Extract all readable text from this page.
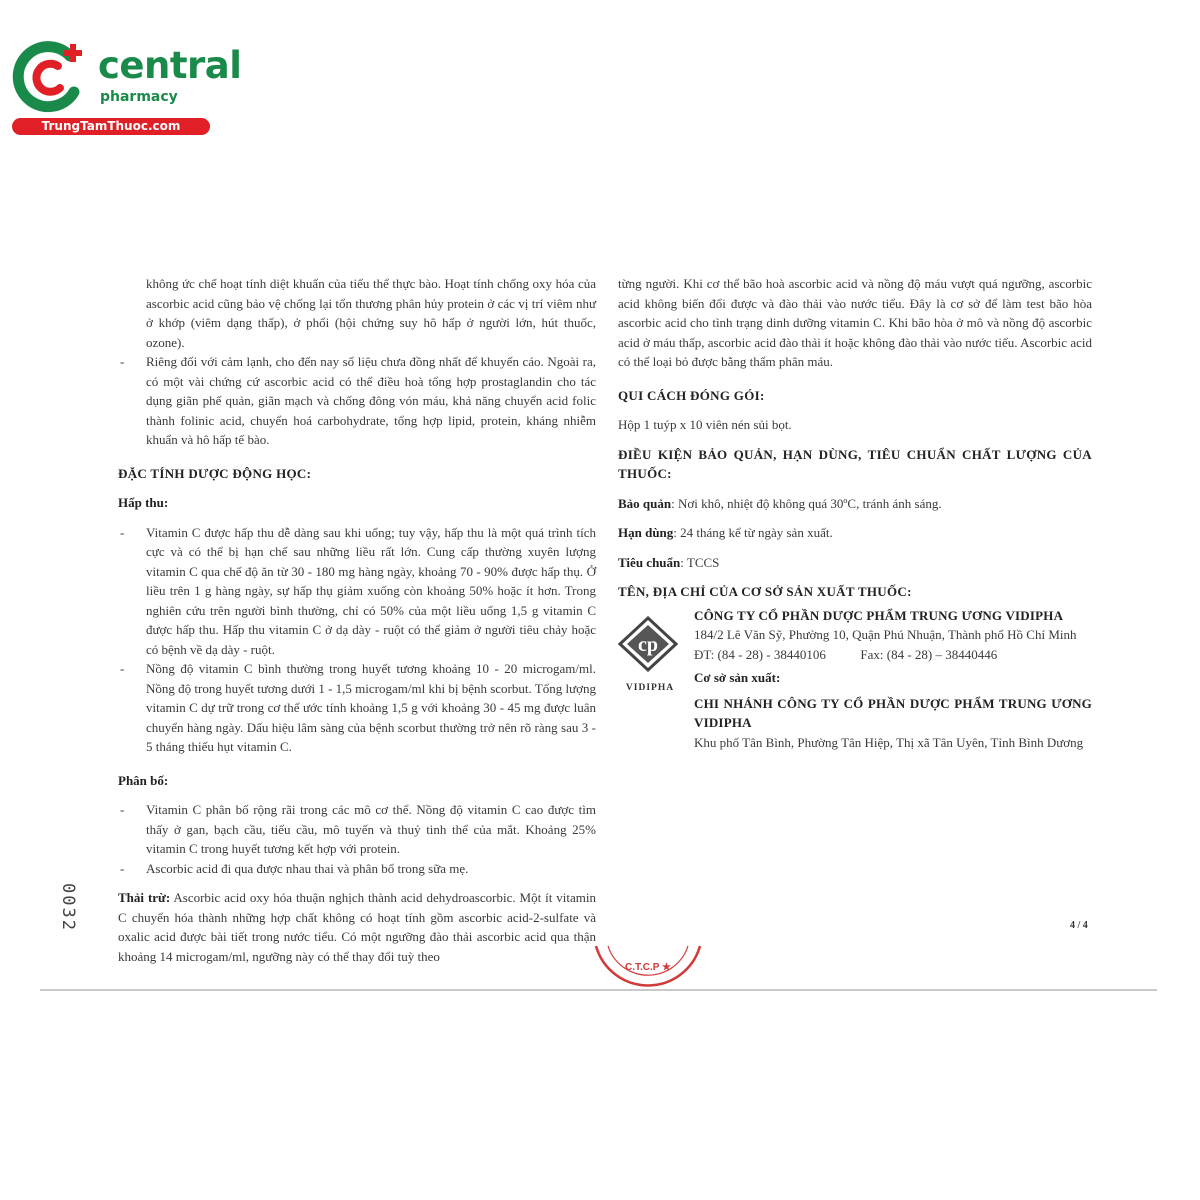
central
pharmacy
TrungTamThuoc.com

không ức chế hoạt tính diệt khuẩn của tiểu thể thực bào. Hoạt tính chống oxy hóa của ascorbic acid cũng bảo vệ chống lại tổn thương phân hủy protein ở các vị trí viêm như ở khớp (viêm dạng thấp), ở phổi (hội chứng suy hô hấp ở người lớn, hút thuốc, ozone).

- Riêng đối với cảm lạnh, cho đến nay số liệu chưa đồng nhất để khuyến cáo. Ngoài ra, có một vài chứng cứ ascorbic acid có thể điều hoà tổng hợp prostaglandin cho tác dụng giãn phế quản, giãn mạch và chống đông vón máu, khả năng chuyển acid folic thành folinic acid, chuyển hoá carbohydrate, tổng hợp lipid, protein, kháng nhiễm khuẩn và hô hấp tế bào.

ĐẶC TÍNH DƯỢC ĐỘNG HỌC:

Hấp thu:

- Vitamin C được hấp thu dễ dàng sau khi uống; tuy vậy, hấp thu là một quá trình tích cực và có thể bị hạn chế sau những liều rất lớn. Cung cấp thường xuyên lượng vitamin C qua chế độ ăn từ 30 - 180 mg hàng ngày, khoảng 70 - 90% được hấp thụ. Ở liều trên 1 g hàng ngày, sự hấp thụ giảm xuống còn khoảng 50% hoặc ít hơn. Trong nghiên cứu trên người bình thường, chỉ có 50% của một liều uống 1,5 g vitamin C được hấp thu. Hấp thu vitamin C ở dạ dày - ruột có thể giảm ở người tiêu chảy hoặc có bệnh về dạ dày - ruột.
- Nồng độ vitamin C bình thường trong huyết tương khoảng 10 - 20 microgam/ml. Nồng độ trong huyết tương dưới 1 - 1,5 microgam/ml khi bị bệnh scorbut. Tổng lượng vitamin C dự trữ trong cơ thể ước tính khoảng 1,5 g với khoảng 30 - 45 mg được luân chuyển hàng ngày. Dấu hiệu lâm sàng của bệnh scorbut thường trở nên rõ ràng sau 3 - 5 tháng thiếu hụt vitamin C.

Phân bố:

- Vitamin C phân bố rộng rãi trong các mô cơ thể. Nồng độ vitamin C cao được tìm thấy ở gan, bạch cầu, tiểu cầu, mô tuyến và thuỷ tinh thể của mắt. Khoảng 25% vitamin C trong huyết tương kết hợp với protein.
- Ascorbic acid đi qua được nhau thai và phân bố trong sữa mẹ.

Thải trừ: Ascorbic acid oxy hóa thuận nghịch thành acid dehydroascorbic. Một ít vitamin C chuyển hóa thành những hợp chất không có hoạt tính gồm ascorbic acid-2-sulfate và oxalic acid được bài tiết trong nước tiểu. Có một ngưỡng đào thải ascorbic acid qua thận khoảng 14 microgam/ml, ngưỡng này có thể thay đổi tuỳ theo

từng người. Khi cơ thể bão hoà ascorbic acid và nồng độ máu vượt quá ngưỡng, ascorbic acid không biến đổi được và đào thải vào nước tiểu. Đây là cơ sở để làm test bão hòa ascorbic acid cho tình trạng dinh dưỡng vitamin C. Khi bão hòa ở mô và nồng độ ascorbic acid ở máu thấp, ascorbic acid đào thải ít hoặc không đào thải vào nước tiểu. Ascorbic acid có thể loại bỏ được bằng thẩm phân máu.

QUI CÁCH ĐÓNG GÓI:

Hộp 1 tuýp x 10 viên nén sủi bọt.

ĐIỀU KIỆN BẢO QUẢN, HẠN DÙNG, TIÊU CHUẨN CHẤT LƯỢNG CỦA THUỐC:

Bảo quản: Nơi khô, nhiệt độ không quá 30ºC, tránh ánh sáng.

Hạn dùng: 24 tháng kể từ ngày sản xuất.

Tiêu chuẩn: TCCS

TÊN, ĐỊA CHỈ CỦA CƠ SỞ SẢN XUẤT THUỐC:

cp
VIDIPHA

CÔNG TY CỔ PHẦN DƯỢC PHẨM TRUNG ƯƠNG VIDIPHA

184/2 Lê Văn Sỹ, Phường 10, Quận Phú Nhuận, Thành phố Hồ Chí Minh

ĐT: (84 - 28) - 38440106	Fax: (84 - 28) – 38440446

Cơ sở sản xuất:

CHI NHÁNH CÔNG TY CỔ PHẦN DƯỢC PHẨM TRUNG ƯƠNG VIDIPHA

Khu phố Tân Bình, Phường Tân Hiệp, Thị xã Tân Uyên, Tỉnh Bình Dương

0032	4 / 4
C.T.C.P ★
